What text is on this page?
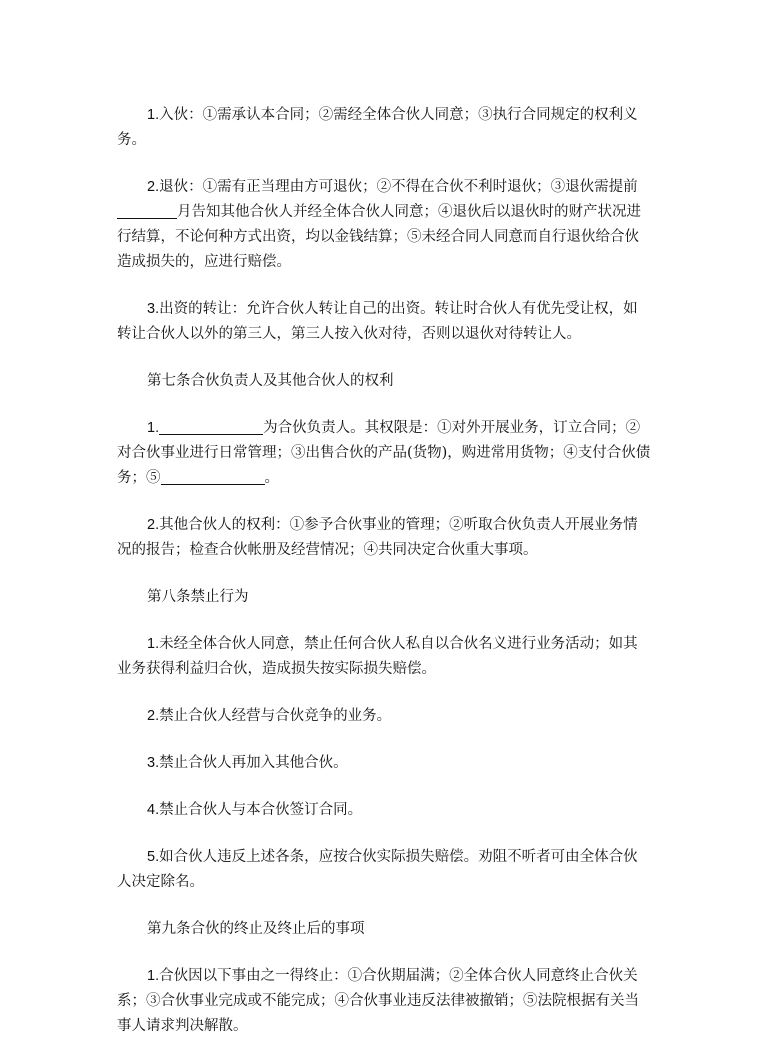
1.入伙：①需承认本合同；②需经全体合伙人同意；③执行合同规定的权利义务。

2.退伙：①需有正当理由方可退伙；②不得在合伙不利时退伙；③退伙需提前月告知其他合伙人并经全体合伙人同意；④退伙后以退伙时的财产状况进行结算，不论何种方式出资，均以金钱结算；⑤未经合同人同意而自行退伙给合伙造成损失的，应进行赔偿。

3.出资的转让：允许合伙人转让自己的出资。转让时合伙人有优先受让权，如转让合伙人以外的第三人，第三人按入伙对待，否则以退伙对待转让人。

第七条合伙负责人及其他合伙人的权利

1.	为合伙负责人。其权限是：①对外开展业务，订立合同；②对合伙事业进行日常管理；③出售合伙的产品(货物)，购进常用货物；④支付合伙债务；⑤	。

2.其他合伙人的权利：①参予合伙事业的管理；②听取合伙负责人开展业务情况的报告；检查合伙帐册及经营情况；④共同决定合伙重大事项。

第八条禁止行为

1.未经全体合伙人同意，禁止任何合伙人私自以合伙名义进行业务活动；如其业务获得利益归合伙，造成损失按实际损失赔偿。

2.禁止合伙人经营与合伙竞争的业务。

3.禁止合伙人再加入其他合伙。

4.禁止合伙人与本合伙签订合同。

5.如合伙人违反上述各条，应按合伙实际损失赔偿。劝阻不听者可由全体合伙人决定除名。

第九条合伙的终止及终止后的事项

1.合伙因以下事由之一得终止：①合伙期届满；②全体合伙人同意终止合伙关系；③合伙事业完成或不能完成；④合伙事业违反法律被撤销；⑤法院根据有关当事人请求判决解散。
